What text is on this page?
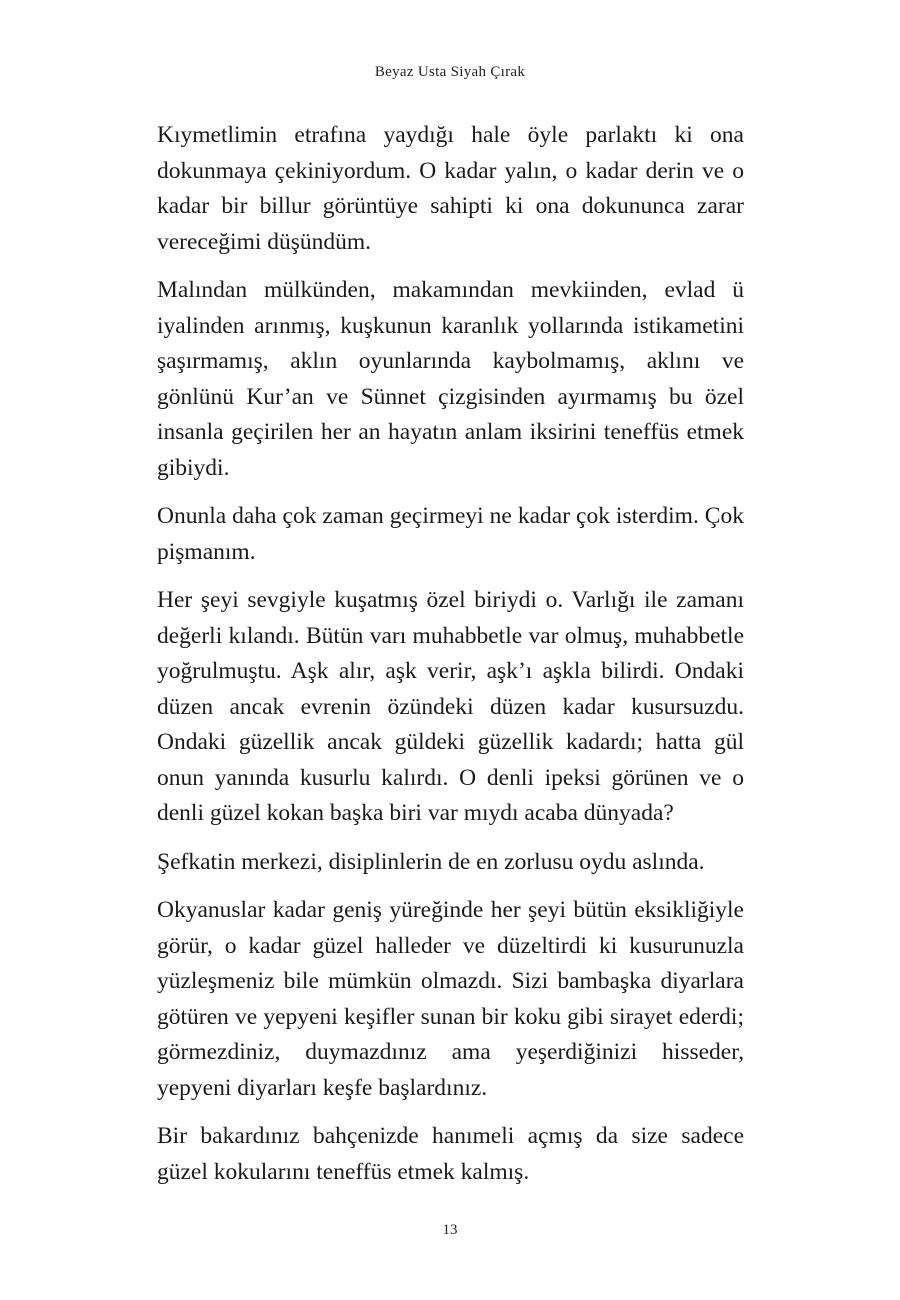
Beyaz Usta Siyah Çırak

Kıymetlimin etrafına yaydığı hale öyle parlaktı ki ona dokunmaya çekiniyordum. O kadar yalın, o kadar derin ve o kadar bir billur görüntüye sahipti ki ona dokununca zarar vereceğimi düşündüm.

Malından mülkünden, makamından mevkiinden, evlad ü iyalinden arınmış, kuşkunun karanlık yollarında istikametini şaşırmamış, aklın oyunlarında kaybolmamış, aklını ve gönlünü Kur’an ve Sünnet çizgisinden ayırmamış bu özel insanla geçirilen her an hayatın anlam iksirini teneffüs etmek gibiydi.

Onunla daha çok zaman geçirmeyi ne kadar çok isterdim. Çok pişmanım.

Her şeyi sevgiyle kuşatmış özel biriydi o. Varlığı ile zamanı değerli kılandı. Bütün varı muhabbetle var olmuş, muhabbetle yoğrulmuştu. Aşk alır, aşk verir, aşk’ı aşkla bilirdi. Ondaki düzen ancak evrenin özündeki düzen kadar kusursuzdu. Ondaki güzellik ancak güldeki güzellik kadardı; hatta gül onun yanında kusurlu kalırdı. O denli ipeksi görünen ve o denli güzel kokan başka biri var mıydı acaba dünyada?

Şefkatin merkezi, disiplinlerin de en zorlusu oydu aslında.

Okyanuslar kadar geniş yüreğinde her şeyi bütün eksikliğiyle görür, o kadar güzel halleder ve düzeltirdi ki kusurunuzla yüzleşmeniz bile mümkün olmazdı. Sizi bambaşka diyarlara götüren ve yepyeni keşifler sunan bir koku gibi sirayet ederdi; görmezdiniz, duymazdınız ama yeşerdiğinizi hisseder, yepyeni diyarları keşfe başlardınız.

Bir bakardınız bahçenizde hanımeli açmış da size sadece güzel kokularını teneffüs etmek kalmış.

13
